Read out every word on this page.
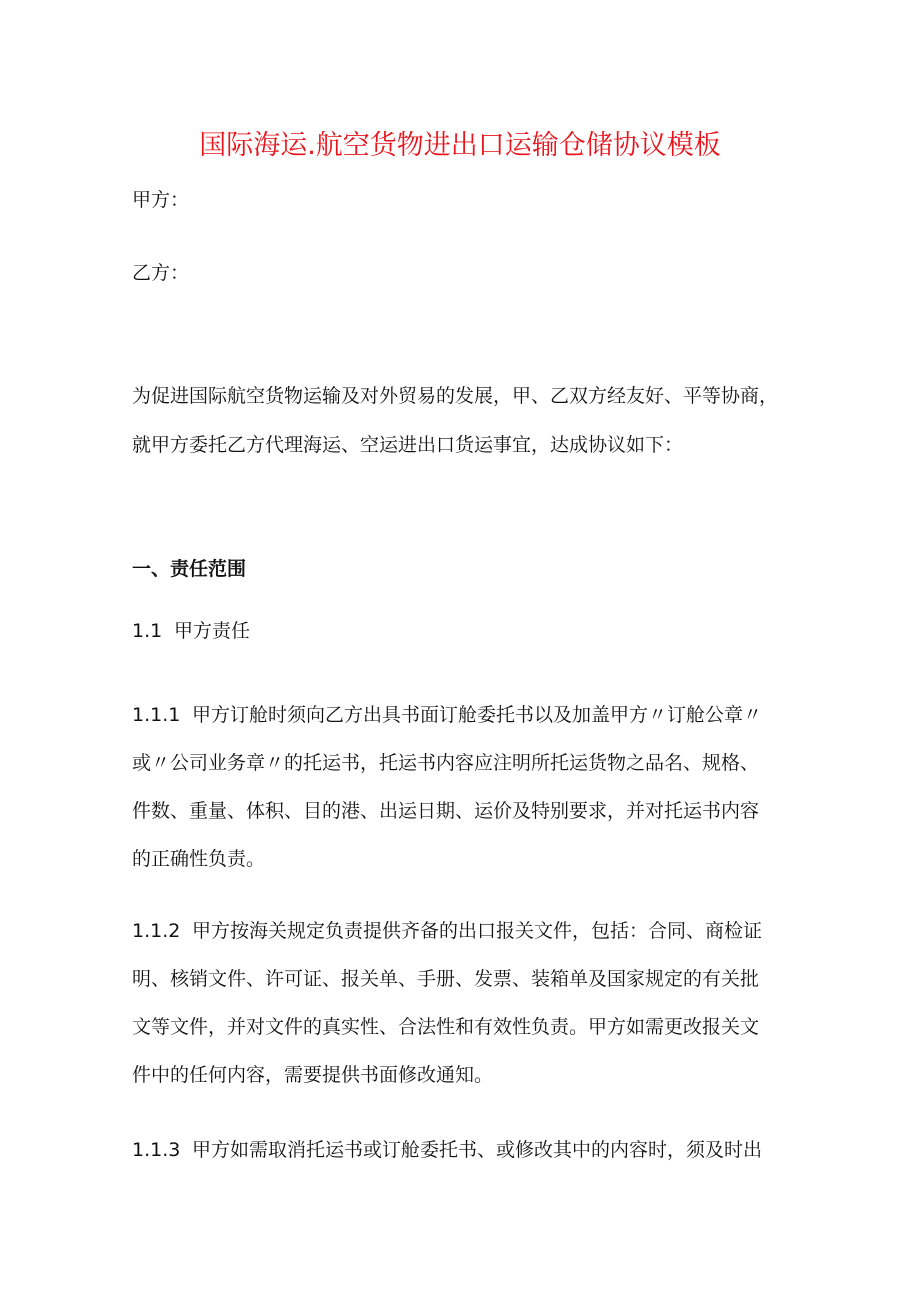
国际海运.航空货物进出口运输仓储协议模板
甲方：
乙方：
为促进国际航空货物运输及对外贸易的发展，甲、乙双方经友好、平等协商，
就甲方委托乙方代理海运、空运进出口货运事宜，达成协议如下：
一、责任范围
1.1 甲方责任
1.1.1 甲方订舱时须向乙方出具书面订舱委托书以及加盖甲方〃订舱公章〃
或〃公司业务章〃的托运书，托运书内容应注明所托运货物之品名、规格、
件数、重量、体积、目的港、出运日期、运价及特别要求，并对托运书内容
的正确性负责。
1.1.2 甲方按海关规定负责提供齐备的出口报关文件，包括：合同、商检证
明、核销文件、许可证、报关单、手册、发票、装箱单及国家规定的有关批
文等文件，并对文件的真实性、合法性和有效性负责。甲方如需更改报关文
件中的任何内容，需要提供书面修改通知。
1.1.3 甲方如需取消托运书或订舱委托书、或修改其中的内容时，须及时出
